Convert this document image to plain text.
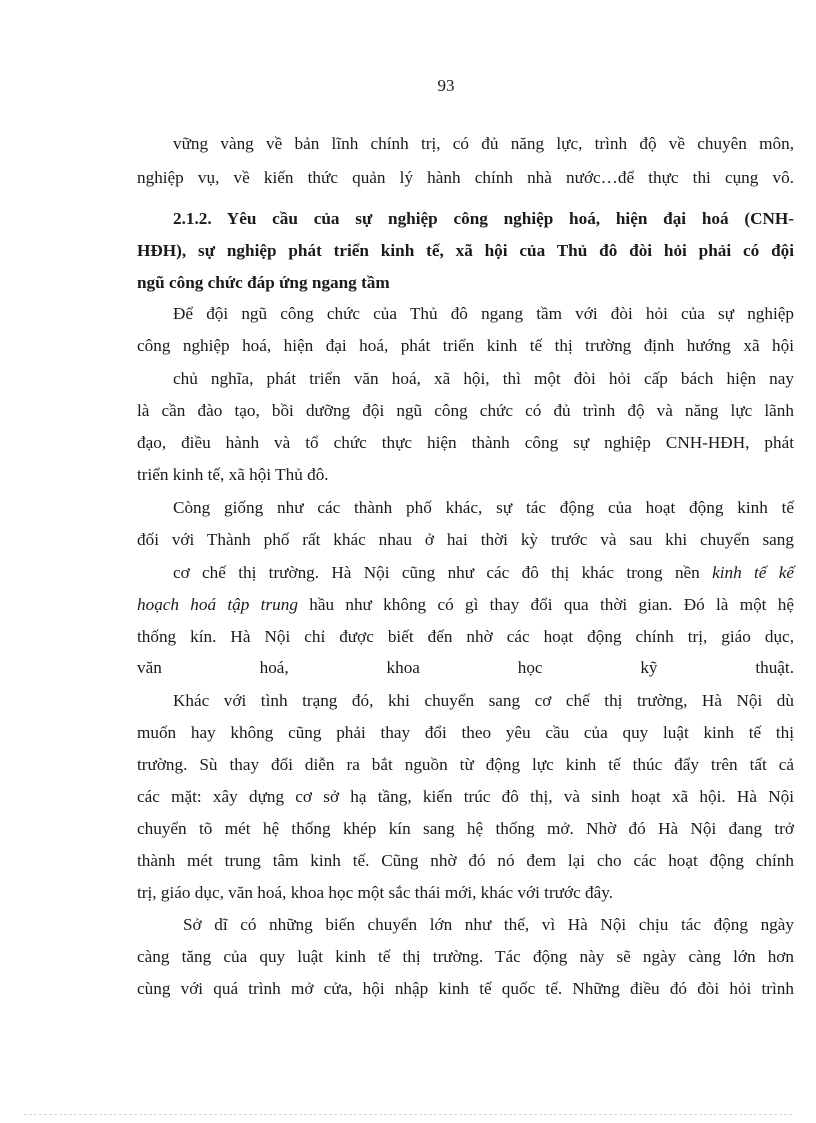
93
vững vàng về bản lĩnh chính trị, có đủ năng lực, trình độ về chuyên môn,
nghiệp vụ, về kiến thức quản lý hành chính nhà nước…để thực thi cụng vô.
2.1.2. Yêu cầu của sự nghiệp công nghiệp hoá, hiện đại hoá (CNH-
HĐH), sự nghiệp phát triển kinh tế, xã hội của Thủ đô đòi hỏi phải có đội
ngũ công chức đáp ứng ngang tầm
Để đội ngũ công chức của Thủ đô ngang tầm với đòi hỏi của sự nghiệp
công nghiệp hoá, hiện đại hoá, phát triển kinh tế thị trường định hướng xã hội
chủ nghĩa, phát triển văn hoá, xã hội, thì một đòi hỏi cấp bách hiện nay
là cần đào tạo, bồi dưỡng đội ngũ công chức có đủ trình độ và năng lực lãnh
đạo, điều hành và tổ chức thực hiện thành công sự nghiệp CNH-HĐH, phát
triển kinh tế, xã hội Thủ đô.
Còng giống như các thành phố khác, sự tác động của hoạt động kinh tế
đối với Thành phố rất khác nhau ở hai thời kỳ trước và sau khi chuyển sang
cơ chế thị trường. Hà Nội cũng như các đô thị khác trong nền kinh tế kế
hoạch hoá tập trung hầu như không có gì thay đổi qua thời gian. Đó là một hệ
thống kín. Hà Nội chỉ được biết đến nhờ các hoạt động chính trị, giáo dục,
văn hoá, khoa học kỹ thuật.
Khác với tình trạng đó, khi chuyển sang cơ chế thị trường, Hà Nội dù
muốn hay không cũng phải thay đổi theo yêu cầu của quy luật kinh tế thị
trường. Sù thay đổi diễn ra bắt nguồn từ động lực kinh tế thúc đẩy trên tất cả
các mặt: xây dựng cơ sở hạ tầng, kiến trúc đô thị, và sinh hoạt xã hội. Hà Nội
chuyển tõ mét hệ thống khép kín sang hệ thống mở. Nhờ đó Hà Nội đang trở
thành mét trung tâm kinh tế. Cũng nhờ đó nó đem lại cho các hoạt động chính
trị, giáo dục, văn hoá, khoa học một sắc thái mới, khác với trước đây.
Sở dĩ có những biến chuyển lớn như thế, vì Hà Nội chịu tác động ngày
càng tăng của quy luật kinh tế thị trường. Tác động này sẽ ngày càng lớn hơn
cùng với quá trình mở cửa, hội nhập kinh tế quốc tế. Những điều đó đòi hỏi trình
